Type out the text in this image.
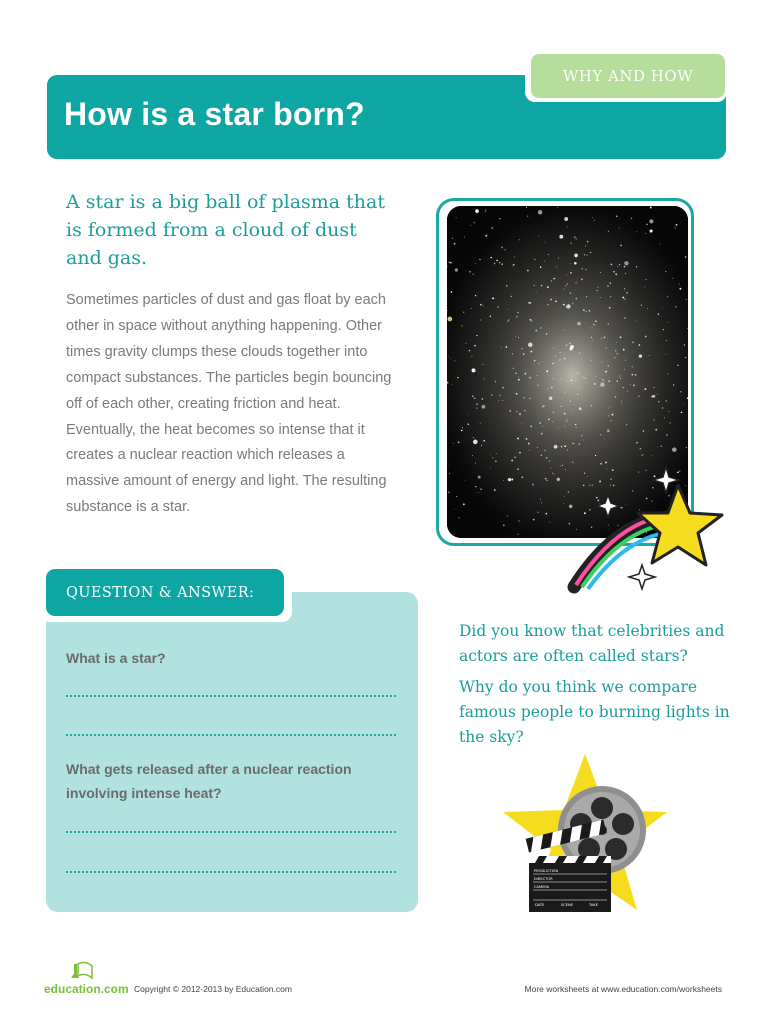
How is a star born?
WHY AND HOW

A star is a big ball of plasma that is formed from a cloud of dust and gas.

Sometimes particles of dust and gas float by each other in space without anything happening. Other times gravity clumps these clouds together into compact substances. The particles begin bouncing off of each other, creating friction and heat. Eventually, the heat becomes so intense that it creates a nuclear reaction which releases a massive amount of energy and light. The resulting substance is a star.

QUESTION & ANSWER:

What is a star?

What gets released after a nuclear reaction involving intense heat?

Did you know that celebrities and actors are often called stars?

Why do you think we compare famous people to burning lights in the sky?

PRODUCTION
DIRECTOR
CAMERA
DATE	SCENE	TAKE

education.com Copyright © 2012-2013 by Education.com	More worksheets at www.education.com/worksheets
